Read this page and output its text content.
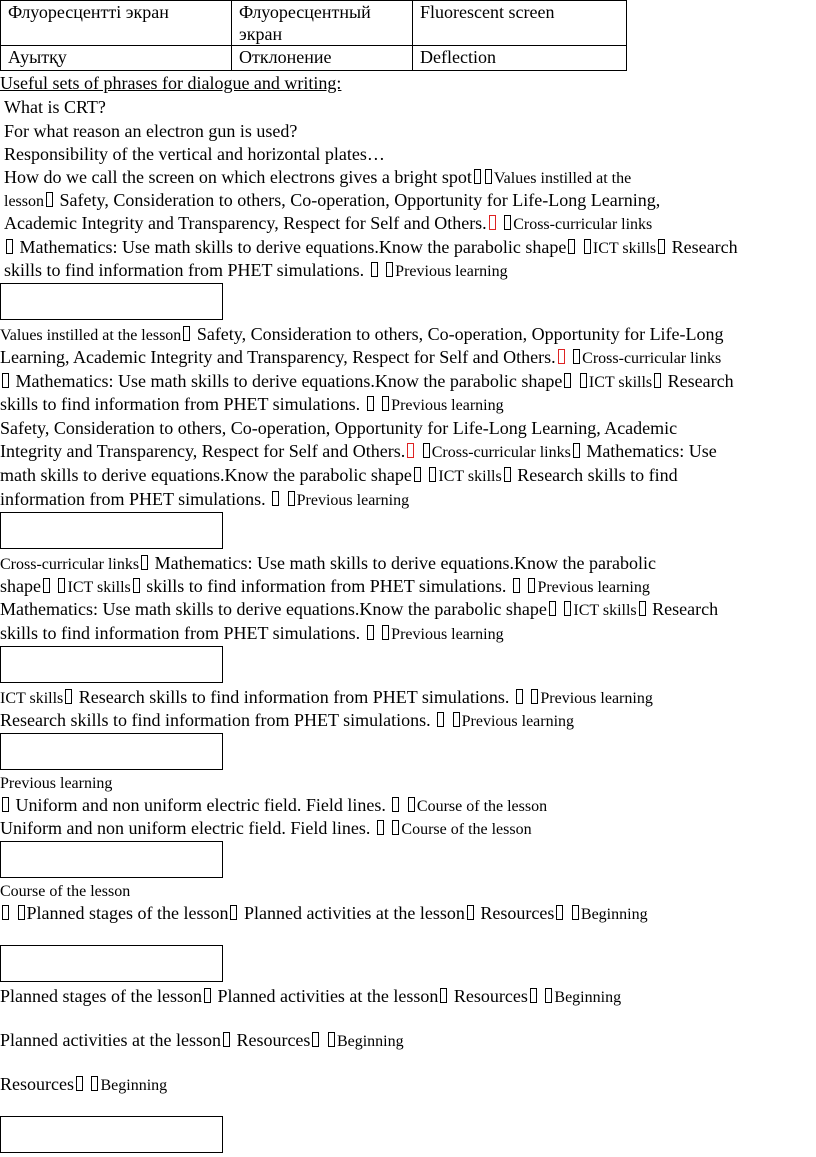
Флуоресцентті экран	Флуоресцентный экран	Fluorescent screen
Ауытқу	Отклонение	Deflection
Useful sets of phrases for dialogue and writing:
What is CRT?
For what reason an electron gun is used?
Responsibility of the vertical and horizontal plates…
How do we call the screen on which electrons gives a bright spot Values instilled at the
lesson Safety, Consideration to others, Co-operation, Opportunity for Life-Long Learning,
Academic Integrity and Transparency, Respect for Self and Others. Cross-curricular links
Mathematics: Use math skills to derive equations.Know the parabolic shape ICT skills Research
skills to find information from PHET simulations. Previous learning
Values instilled at the lesson Safety, Consideration to others, Co-operation, Opportunity for Life-Long
Learning, Academic Integrity and Transparency, Respect for Self and Others. Cross-curricular links
Mathematics: Use math skills to derive equations.Know the parabolic shape ICT skills Research
skills to find information from PHET simulations. Previous learning
Safety, Consideration to others, Co-operation, Opportunity for Life-Long Learning, Academic
Integrity and Transparency, Respect for Self and Others. Cross-curricular links Mathematics: Use
math skills to derive equations.Know the parabolic shape ICT skills Research skills to find
information from PHET simulations. Previous learning
Cross-curricular links Mathematics: Use math skills to derive equations.Know the parabolic
shape ICT skills skills to find information from PHET simulations. Previous learning
Mathematics: Use math skills to derive equations.Know the parabolic shape ICT skills Research
skills to find information from PHET simulations. Previous learning
ICT skills Research skills to find information from PHET simulations. Previous learning
Research skills to find information from PHET simulations. Previous learning
Previous learning
Uniform and non uniform electric field. Field lines. Course of the lesson
Uniform and non uniform electric field. Field lines. Course of the lesson
Course of the lesson
Planned stages of the lesson Planned activities at the lesson Resources Beginning
Planned stages of the lesson Planned activities at the lesson Resources Beginning
Planned activities at the lesson Resources Beginning
Resources Beginning
